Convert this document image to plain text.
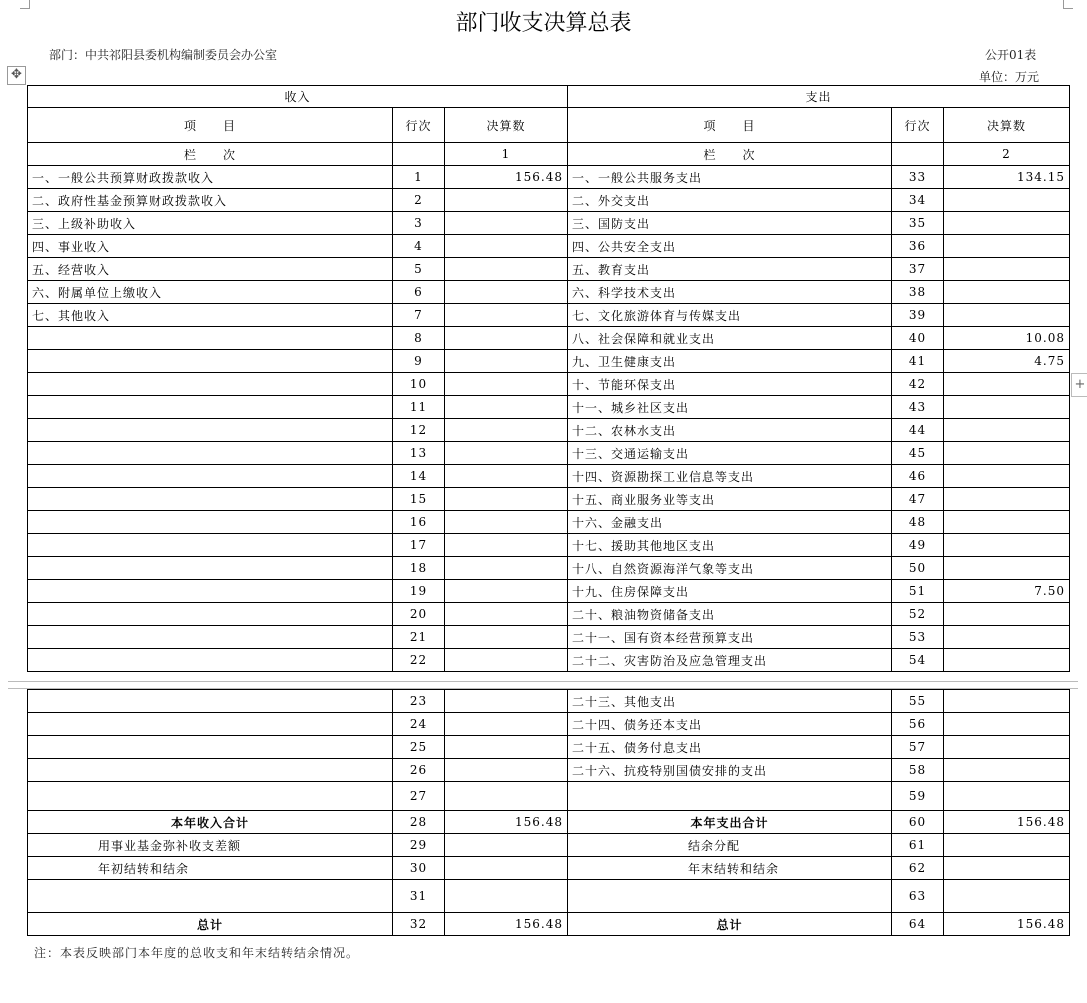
部门收支决算总表
部门：中共祁阳县委机构编制委员会办公室	公开01表
单位：万元
✥
+
收入			支出		
项　　目	行次	决算数	项　　目	行次	决算数
栏　　次		1	栏　　次		2
一、一般公共预算财政拨款收入	1	156.48	一、一般公共服务支出	33	134.15
二、政府性基金预算财政拨款收入	2		二、外交支出	34	
三、上级补助收入	3		三、国防支出	35	
四、事业收入	4		四、公共安全支出	36	
五、经营收入	5		五、教育支出	37	
六、附属单位上缴收入	6		六、科学技术支出	38	
七、其他收入	7		七、文化旅游体育与传媒支出	39	
	8		八、社会保障和就业支出	40	10.08
	9		九、卫生健康支出	41	4.75
	10		十、节能环保支出	42	
	11		十一、城乡社区支出	43	
	12		十二、农林水支出	44	
	13		十三、交通运输支出	45	
	14		十四、资源勘探工业信息等支出	46	
	15		十五、商业服务业等支出	47	
	16		十六、金融支出	48	
	17		十七、援助其他地区支出	49	
	18		十八、自然资源海洋气象等支出	50	
	19		十九、住房保障支出	51	7.50
	20		二十、粮油物资储备支出	52	
	21		二十一、国有资本经营预算支出	53	
	22		二十二、灾害防治及应急管理支出	54	
	23		二十三、其他支出	55	
	24		二十四、债务还本支出	56	
	25		二十五、债务付息支出	57	
	26		二十六、抗疫特别国债安排的支出	58	
	27			59	
本年收入合计	28	156.48	本年支出合计	60	156.48
用事业基金弥补收支差额	29		结余分配	61	
年初结转和结余	30		年末结转和结余	62	
	31			63	
总计	32	156.48	总计	64	156.48
注：本表反映部门本年度的总收支和年末结转结余情况。
